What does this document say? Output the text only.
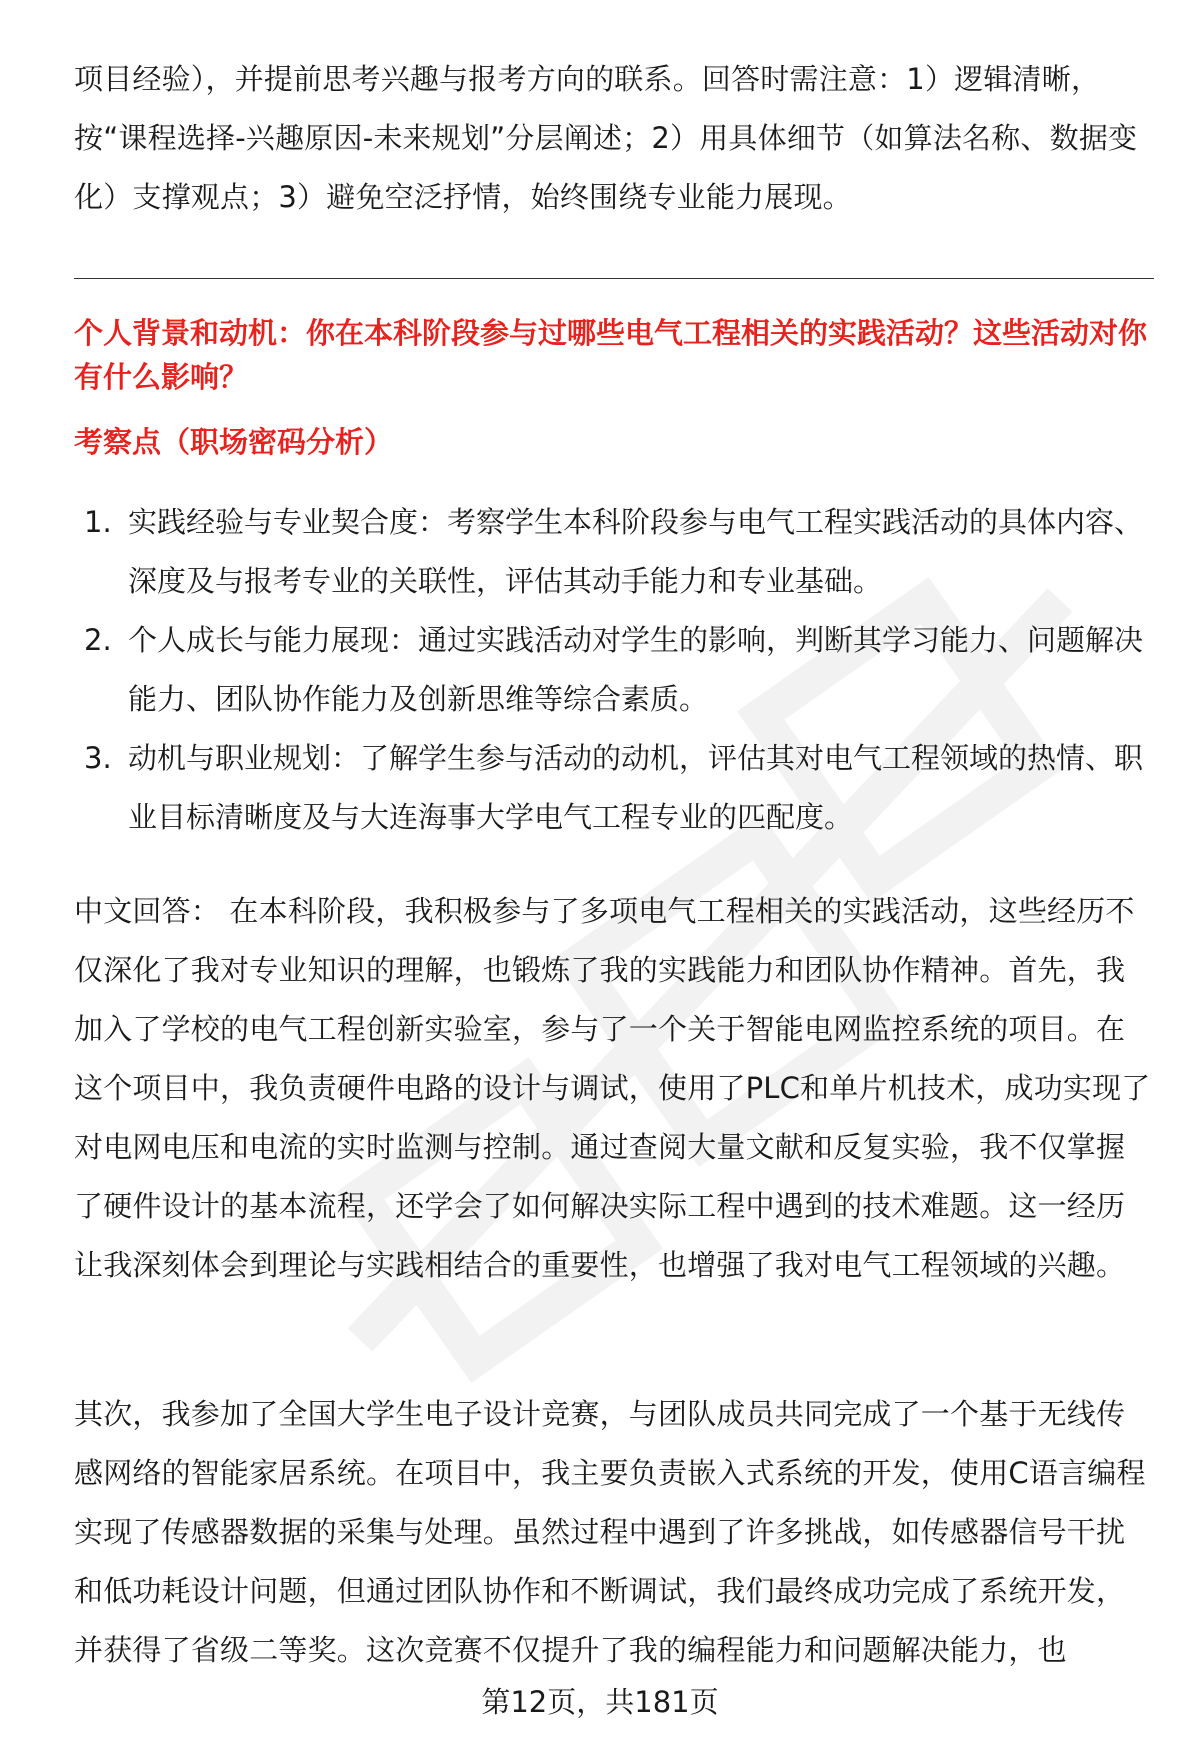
项目经验），并提前思考兴趣与报考方向的联系。回答时需注意：1）逻辑清晰，按“课程选择-兴趣原因-未来规划”分层阐述；2）用具体细节（如算法名称、数据变化）支撑观点；3）避免空泛抒情，始终围绕专业能力展现。

个人背景和动机：你在本科阶段参与过哪些电气工程相关的实践活动？这些活动对你有什么影响？

考察点（职场密码分析）

1. 实践经验与专业契合度：考察学生本科阶段参与电气工程实践活动的具体内容、深度及与报考专业的关联性，评估其动手能力和专业基础。
2. 个人成长与能力展现：通过实践活动对学生的影响，判断其学习能力、问题解决能力、团队协作能力及创新思维等综合素质。
3. 动机与职业规划：了解学生参与活动的动机，评估其对电气工程领域的热情、职业目标清晰度及与大连海事大学电气工程专业的匹配度。

中文回答： 在本科阶段，我积极参与了多项电气工程相关的实践活动，这些经历不仅深化了我对专业知识的理解，也锻炼了我的实践能力和团队协作精神。首先，我加入了学校的电气工程创新实验室，参与了一个关于智能电网监控系统的项目。在这个项目中，我负责硬件电路的设计与调试，使用了PLC和单片机技术，成功实现了对电网电压和电流的实时监测与控制。通过查阅大量文献和反复实验，我不仅掌握了硬件设计的基本流程，还学会了如何解决实际工程中遇到的技术难题。这一经历让我深刻体会到理论与实践相结合的重要性，也增强了我对电气工程领域的兴趣。

其次，我参加了全国大学生电子设计竞赛，与团队成员共同完成了一个基于无线传感网络的智能家居系统。在项目中，我主要负责嵌入式系统的开发，使用C语言编程实现了传感器数据的采集与处理。虽然过程中遇到了许多挑战，如传感器信号干扰和低功耗设计问题，但通过团队协作和不断调试，我们最终成功完成了系统开发，并获得了省级二等奖。这次竞赛不仅提升了我的编程能力和问题解决能力，也

第12页，共181页
